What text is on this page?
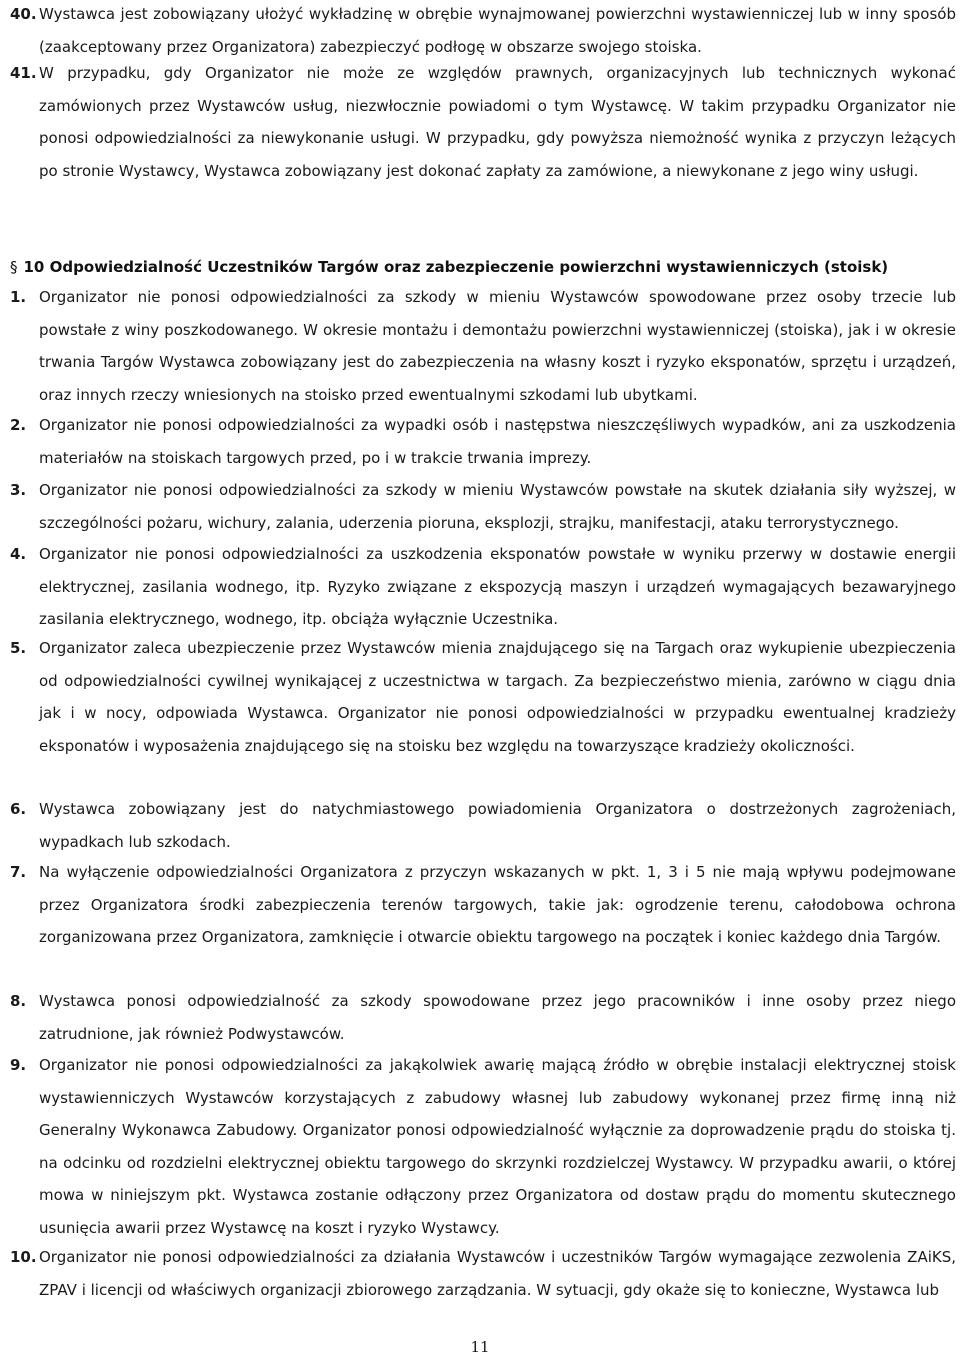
40. Wystawca jest zobowiązany ułożyć wykładzinę w obrębie wynajmowanej powierzchni wystawienniczej lub w inny sposób (zaakceptowany przez Organizatora) zabezpieczyć podłogę w obszarze swojego stoiska.
41. W przypadku, gdy Organizator nie może ze względów prawnych, organizacyjnych lub technicznych wykonać zamówionych przez Wystawców usług, niezwłocznie powiadomi o tym Wystawcę. W takim przypadku Organizator nie ponosi odpowiedzialności za niewykonanie usługi. W przypadku, gdy powyższa niemożność wynika z przyczyn leżących po stronie Wystawcy, Wystawca zobowiązany jest dokonać zapłaty za zamówione, a niewykonane z jego winy usługi.
§ 10 Odpowiedzialność Uczestników Targów oraz zabezpieczenie powierzchni wystawienniczych (stoisk)
1. Organizator nie ponosi odpowiedzialności za szkody w mieniu Wystawców spowodowane przez osoby trzecie lub powstałe z winy poszkodowanego. W okresie montażu i demontażu powierzchni wystawienniczej (stoiska), jak i w okresie trwania Targów Wystawca zobowiązany jest do zabezpieczenia na własny koszt i ryzyko eksponatów, sprzętu i urządzeń, oraz innych rzeczy wniesionych na stoisko przed ewentualnymi szkodami lub ubytkami.
2. Organizator nie ponosi odpowiedzialności za wypadki osób i następstwa nieszczęśliwych wypadków, ani za uszkodzenia materiałów na stoiskach targowych przed, po i w trakcie trwania imprezy.
3. Organizator nie ponosi odpowiedzialności za szkody w mieniu Wystawców powstałe na skutek działania siły wyższej, w szczególności pożaru, wichury, zalania, uderzenia pioruna, eksplozji, strajku, manifestacji, ataku terrorystycznego.
4. Organizator nie ponosi odpowiedzialności za uszkodzenia eksponatów powstałe w wyniku przerwy w dostawie energii elektrycznej, zasilania wodnego, itp. Ryzyko związane z ekspozycją maszyn i urządzeń wymagających bezawaryjnego zasilania elektrycznego, wodnego, itp. obciąża wyłącznie Uczestnika.
5. Organizator zaleca ubezpieczenie przez Wystawców mienia znajdującego się na Targach oraz wykupienie ubezpieczenia od odpowiedzialności cywilnej wynikającej z uczestnictwa w targach. Za bezpieczeństwo mienia, zarówno w ciągu dnia jak i w nocy, odpowiada Wystawca. Organizator nie ponosi odpowiedzialności w przypadku ewentualnej kradzieży eksponatów i wyposażenia znajdującego się na stoisku bez względu na towarzyszące kradzieży okoliczności.
6. Wystawca zobowiązany jest do natychmiastowego powiadomienia Organizatora o dostrzeżonych zagrożeniach, wypadkach lub szkodach.
7. Na wyłączenie odpowiedzialności Organizatora z przyczyn wskazanych w pkt. 1, 3 i 5 nie mają wpływu podejmowane przez Organizatora środki zabezpieczenia terenów targowych, takie jak: ogrodzenie terenu, całodobowa ochrona zorganizowana przez Organizatora, zamknięcie i otwarcie obiektu targowego na początek i koniec każdego dnia Targów.
8. Wystawca ponosi odpowiedzialność za szkody spowodowane przez jego pracowników i inne osoby przez niego zatrudnione, jak również Podwystawców.
9. Organizator nie ponosi odpowiedzialności za jakąkolwiek awarię mającą źródło w obrębie instalacji elektrycznej stoisk wystawienniczych Wystawców korzystających z zabudowy własnej lub zabudowy wykonanej przez firmę inną niż Generalny Wykonawca Zabudowy. Organizator ponosi odpowiedzialność wyłącznie za doprowadzenie prądu do stoiska tj. na odcinku od rozdzielni elektrycznej obiektu targowego do skrzynki rozdzielczej Wystawcy. W przypadku awarii, o której mowa w niniejszym pkt. Wystawca zostanie odłączony przez Organizatora od dostaw prądu do momentu skutecznego usunięcia awarii przez Wystawcę na koszt i ryzyko Wystawcy.
10. Organizator nie ponosi odpowiedzialności za działania Wystawców i uczestników Targów wymagające zezwolenia ZAiKS, ZPAV i licencji od właściwych organizacji zbiorowego zarządzania. W sytuacji, gdy okaże się to konieczne, Wystawca lub
11
